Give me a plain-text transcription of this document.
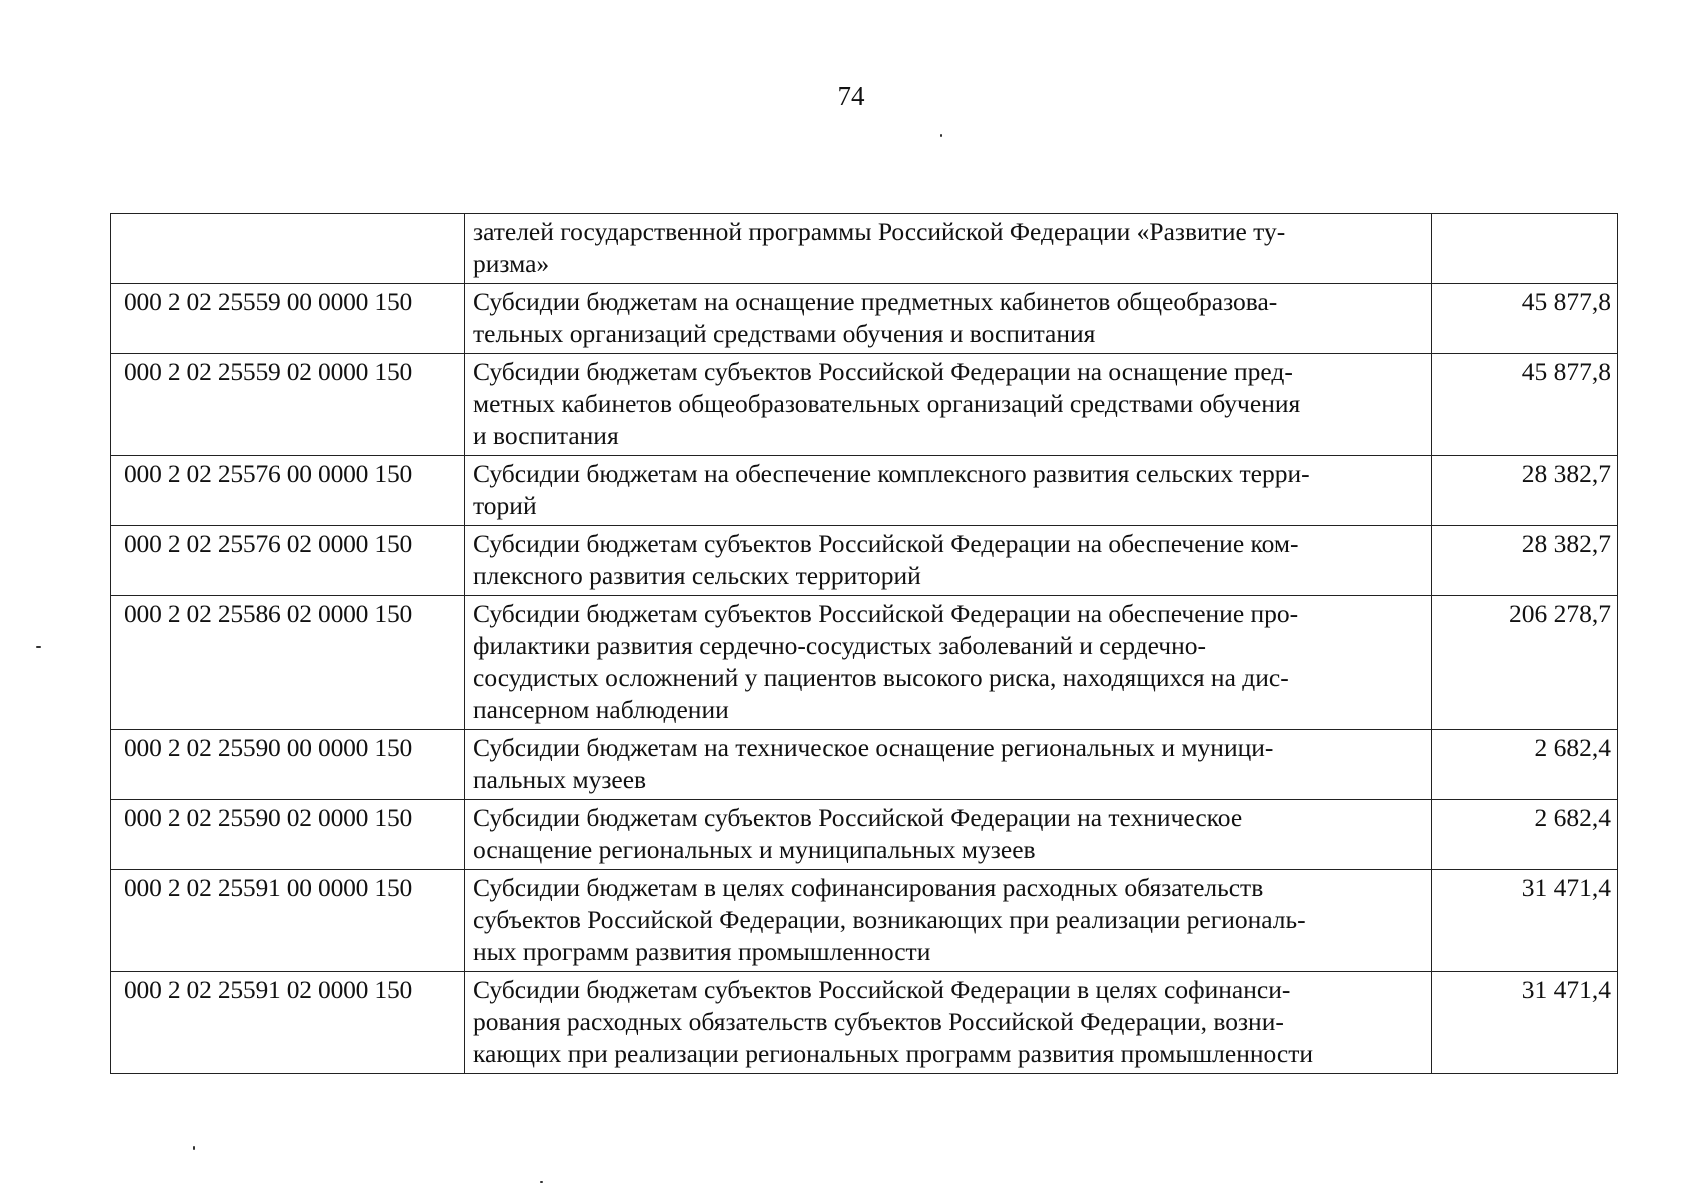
74
	зателей государственной программы Российской Федерации «Развитие ту-
ризма»	
000 2 02 25559 00 0000 150	Субсидии бюджетам на оснащение предметных кабинетов общеобразова-
тельных организаций средствами обучения и воспитания	45 877,8
000 2 02 25559 02 0000 150	Субсидии бюджетам субъектов Российской Федерации на оснащение пред-
метных кабинетов общеобразовательных организаций средствами обучения
и воспитания	45 877,8
000 2 02 25576 00 0000 150	Субсидии бюджетам на обеспечение комплексного развития сельских терри-
торий	28 382,7
000 2 02 25576 02 0000 150	Субсидии бюджетам субъектов Российской Федерации на обеспечение ком-
плексного развития сельских территорий	28 382,7
000 2 02 25586 02 0000 150	Субсидии бюджетам субъектов Российской Федерации на обеспечение про-
филактики развития сердечно-сосудистых заболеваний и сердечно-
сосудистых осложнений у пациентов высокого риска, находящихся на дис-
пансерном наблюдении	206 278,7
000 2 02 25590 00 0000 150	Субсидии бюджетам на техническое оснащение региональных и муници-
пальных музеев	2 682,4
000 2 02 25590 02 0000 150	Субсидии бюджетам субъектов Российской Федерации на техническое
оснащение региональных и муниципальных музеев	2 682,4
000 2 02 25591 00 0000 150	Субсидии бюджетам в целях софинансирования расходных обязательств
субъектов Российской Федерации, возникающих при реализации региональ-
ных программ развития промышленности	31 471,4
000 2 02 25591 02 0000 150	Субсидии бюджетам субъектов Российской Федерации в целях софинанси-
рования расходных обязательств субъектов Российской Федерации, возни-
кающих при реализации региональных программ развития промышленности	31 471,4
